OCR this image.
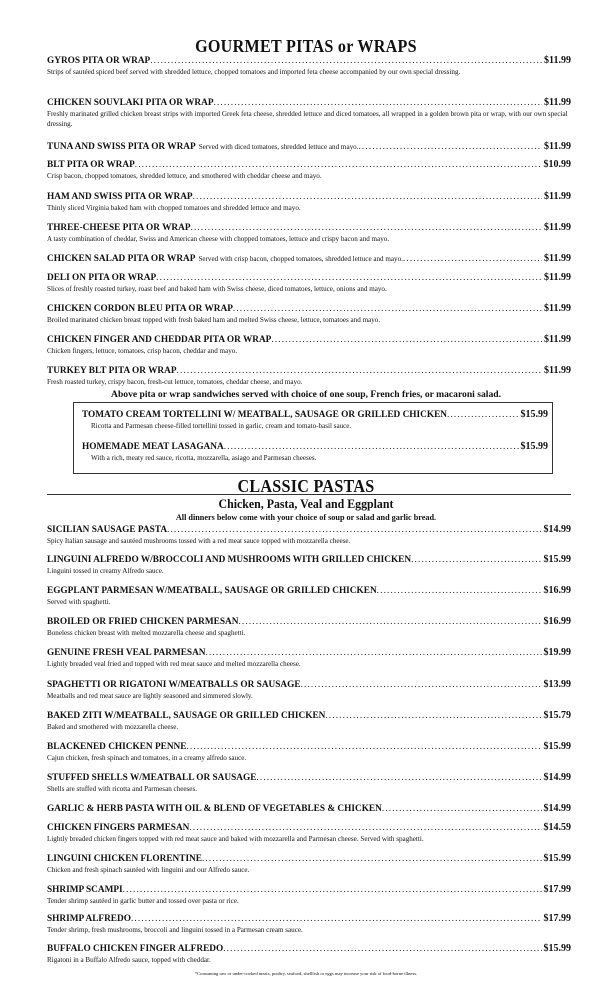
GOURMET PITAS or WRAPS
GYROS PITA OR WRAP . . .	$11.99
Strips of sautéed spiced beef served with shredded lettuce, chopped tomatoes and imported feta cheese accompanied by our own special dressing.
CHICKEN SOUVLAKI PITA OR WRAP . . .	$11.99
Freshly marinated grilled chicken breast strips with imported Greek feta cheese, shredded lettuce and diced tomatoes, all wrapped in a golden brown pita or wrap, with our own special dressing.
TUNA AND SWISS PITA OR WRAP Served with diced tomatoes, shredded lettuce and mayo. . . .	$11.99
BLT PITA OR WRAP . . .	$10.99
Crisp bacon, chopped tomatoes, shredded lettuce, and smothered with cheddar cheese and mayo.
HAM AND SWISS PITA OR WRAP . . .	$11.99
Thinly sliced Virginia baked ham with chopped tomatoes and shredded lettuce and mayo.
THREE-CHEESE PITA OR WRAP . . .	$11.99
A tasty combination of cheddar, Swiss and American cheese with chopped tomatoes, lettuce and crispy bacon and mayo.
CHICKEN SALAD PITA OR WRAP Served with crisp bacon, chopped tomatoes, shredded lettuce and mayo. . . .	$11.99
DELI ON PITA OR WRAP . . .	$11.99
Slices of freshly roasted turkey, roast beef and baked ham with Swiss cheese, diced tomatoes, lettuce, onions and mayo.
CHICKEN CORDON BLEU PITA OR WRAP . . .	$11.99
Broiled marinated chicken breast topped with fresh baked ham and melted Swiss cheese, lettuce, tomatoes and mayo.
CHICKEN FINGER AND CHEDDAR PITA OR WRAP . . .	$11.99
Chicken fingers, lettuce, tomatoes, crisp bacon, cheddar and mayo.
TURKEY BLT PITA OR WRAP . . .	$11.99
Fresh roasted turkey, crispy bacon, fresh-cut lettuce, tomatoes, cheddar cheese, and mayo.
Above pita or wrap sandwiches served with choice of one soup, French fries, or macaroni salad.
TOMATO CREAM TORTELLINI W/ MEATBALL, SAUSAGE OR GRILLED CHICKEN . . .	$15.99
Ricotta and Parmesan cheese-filled tortellini tossed in garlic, cream and tomato-basil sauce.
HOMEMADE MEAT LASAGANA . . .	$15.99
With a rich, meaty red sauce, ricotta, mozzarella, asiago and Parmesan cheeses.
CLASSIC PASTAS
Chicken, Pasta, Veal and Eggplant
All dinners below come with your choice of soup or salad and garlic bread.
SICILIAN SAUSAGE PASTA . . .	$14.99
Spicy Italian sausage and sautéed mushrooms tossed with a red meat sauce topped with mozzarella cheese.
LINGUINI ALFREDO W/BROCCOLI AND MUSHROOMS WITH GRILLED CHICKEN . . .	$15.99
Linguini tossed in creamy Alfredo sauce.
EGGPLANT PARMESAN W/MEATBALL, SAUSAGE OR GRILLED CHICKEN . . .	$16.99
Served with spaghetti.
BROILED OR FRIED CHICKEN PARMESAN . . .	$16.99
Boneless chicken breast with melted mozzarella cheese and spaghetti.
GENUINE FRESH VEAL PARMESAN . . .	$19.99
Lightly breaded veal fried and topped with red meat sauce and melted mozzarella cheese.
SPAGHETTI OR RIGATONI W/MEATBALLS OR SAUSAGE . . .	$13.99
Meatballs and red meat sauce are lightly seasoned and simmered slowly.
BAKED ZITI W/MEATBALL, SAUSAGE OR GRILLED CHICKEN . . .	$15.79
Baked and smothered with mozzarella cheese.
BLACKENED CHICKEN PENNE . . .	$15.99
Cajun chicken, fresh spinach and tomatoes, in a creamy alfredo sauce.
STUFFED SHELLS W/MEATBALL OR SAUSAGE . . .	$14.99
Shells are stuffed with ricotta and Parmesan cheeses.
GARLIC & HERB PASTA WITH OIL & BLEND OF VEGETABLES & CHICKEN . . .	$14.99
CHICKEN FINGERS PARMESAN . . .	$14.59
Lightly breaded chicken fingers topped with red meat sauce and baked with mozzarella and Parmesan cheese. Served with spaghetti.
LINGUINI CHICKEN FLORENTINE . . .	$15.99
Chicken and fresh spinach sautéed with linguini and our Alfredo sauce.
SHRIMP SCAMPI . . .	$17.99
Tender shrimp sautéed in garlic butter and tossed over pasta or rice.
SHRIMP ALFREDO . . .	$17.99
Tender shrimp, fresh mushrooms, broccoli and linguini tossed in a Parmesan cream sauce.
BUFFALO CHICKEN FINGER ALFREDO . . .	$15.99
Rigatoni in a Buffalo Alfredo sauce, topped with cheddar.
*Consuming raw or under-cooked meats, poultry, seafood, shellfish or eggs may increase your risk of food-borne illness.
